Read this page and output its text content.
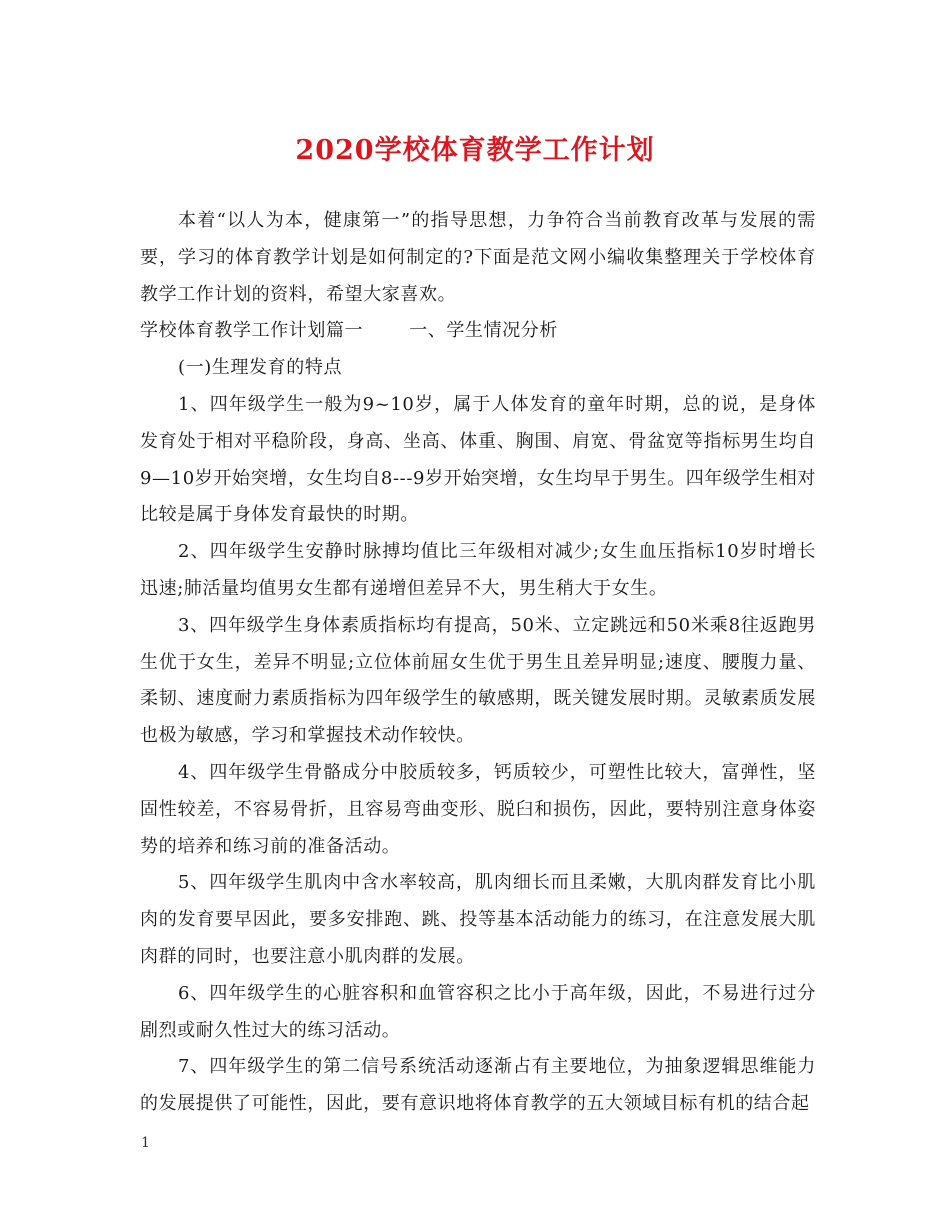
2020学校体育教学工作计划

本着“以人为本，健康第一”的指导思想，力争符合当前教育改革与发展的需要，学习的体育教学计划是如何制定的?下面是范文网小编收集整理关于学校体育教学工作计划的资料，希望大家喜欢。

学校体育教学工作计划篇一	一、学生情况分析

(一)生理发育的特点

1、四年级学生一般为9~10岁，属于人体发育的童年时期，总的说，是身体发育处于相对平稳阶段，身高、坐高、体重、胸围、肩宽、骨盆宽等指标男生均自9—10岁开始突增，女生均自8---9岁开始突增，女生均早于男生。四年级学生相对比较是属于身体发育最快的时期。

2、四年级学生安静时脉搏均值比三年级相对减少;女生血压指标10岁时增长迅速;肺活量均值男女生都有递增但差异不大，男生稍大于女生。

3、四年级学生身体素质指标均有提高，50米、立定跳远和50米乘8往返跑男生优于女生，差异不明显;立位体前屈女生优于男生且差异明显;速度、腰腹力量、柔韧、速度耐力素质指标为四年级学生的敏感期，既关键发展时期。灵敏素质发展也极为敏感，学习和掌握技术动作较快。

4、四年级学生骨骼成分中胶质较多，钙质较少，可塑性比较大，富弹性，坚固性较差，不容易骨折，且容易弯曲变形、脱臼和损伤，因此，要特别注意身体姿势的培养和练习前的准备活动。

5、四年级学生肌肉中含水率较高，肌肉细长而且柔嫩，大肌肉群发育比小肌肉的发育要早因此，要多安排跑、跳、投等基本活动能力的练习，在注意发展大肌肉群的同时，也要注意小肌肉群的发展。

6、四年级学生的心脏容积和血管容积之比小于高年级，因此，不易进行过分剧烈或耐久性过大的练习活动。

7、四年级学生的第二信号系统活动逐渐占有主要地位，为抽象逻辑思维能力的发展提供了可能性，因此，要有意识地将体育教学的五大领域目标有机的结合起

1
